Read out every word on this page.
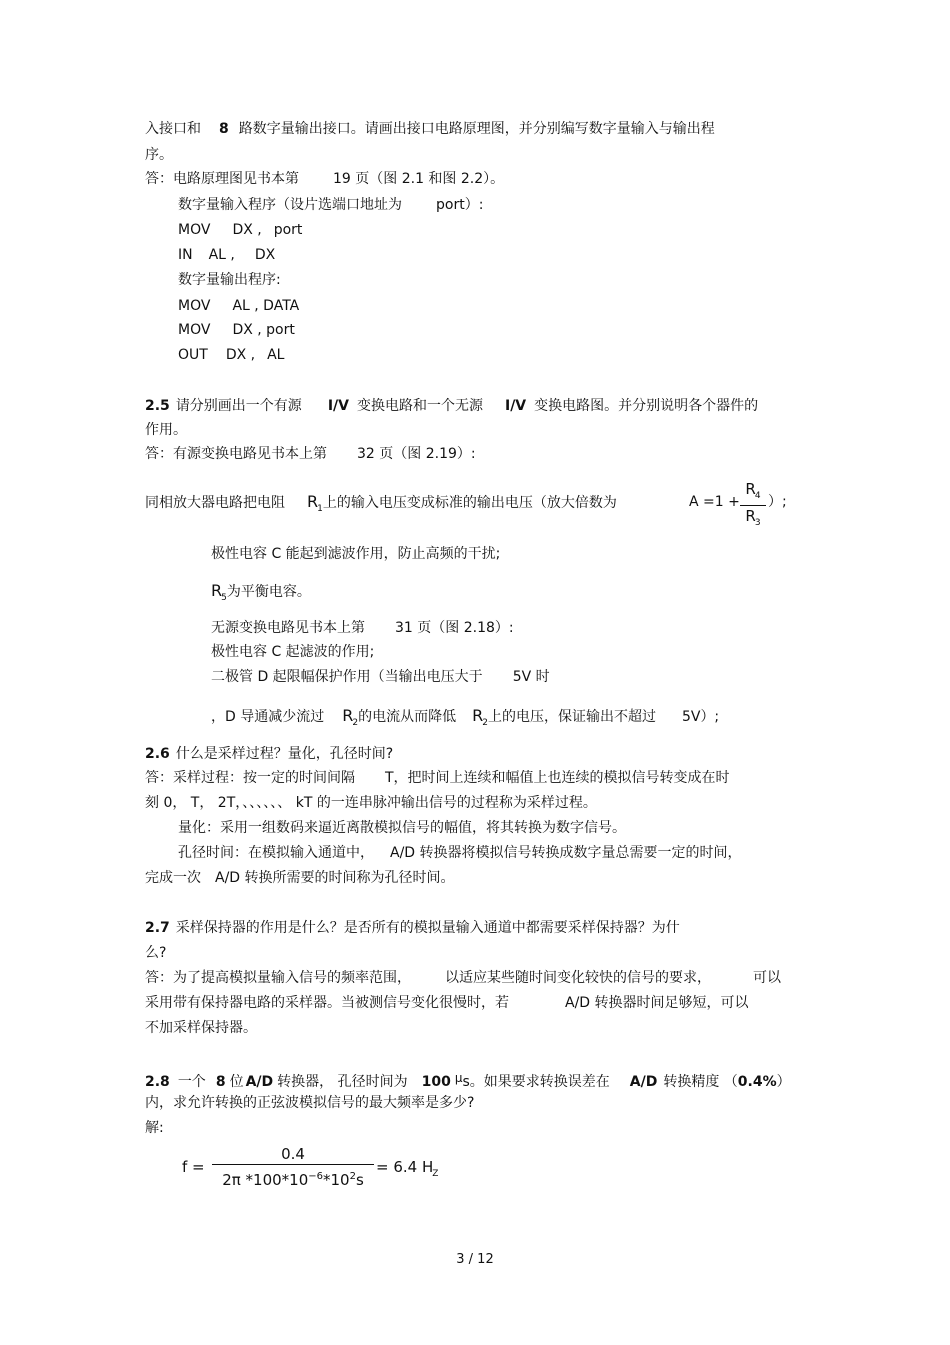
入接口和 8 路数字量输出接口。请画出接口电路原理图，并分别编写数字量输入与输出程
序。
答：电路原理图见书本第 19 页（图 2.1 和图 2.2）。
数字量输入程序（设片选端口地址为 port）:
MOV DX , port
IN AL , DX
数字量输出程序:
MOV AL , DATA
MOV DX , port
OUT DX , AL
2.5 请分别画出一个有源 I/V 变换电路和一个无源 I/V 变换电路图。并分别说明各个器件的
作用。
答：有源变换电路见书本上第 32 页（图 2.19）:
同相放大器电路把电阻 $R_1$上的输入电压变成标准的输出电压（放大倍数为	$A =1 + \frac{R_4}{R_3}$ ）;
极性电容 C 能起到滤波作用，防止高频的干扰;
$R_5$为平衡电容。
无源变换电路见书本上第 31 页（图 2.18）:
极性电容 C 起滤波的作用;
二极管 D 起限幅保护作用（当输出电压大于 5V 时
，D 导通减少流过 $R_2$的电流从而降低 $R_2$上的电压，保证输出不超过 5V）;
2.6 什么是采样过程？量化，孔径时间?
答：采样过程：按一定的时间间隔 T，把时间上连续和幅值上也连续的模拟信号转变成在时
刻 0， T， 2T，、、、、、、 kT 的一连串脉冲输出信号的过程称为采样过程。
量化：采用一组数码来逼近离散模拟信号的幅值，将其转换为数字信号。
孔径时间：在模拟输入通道中， A/D 转换器将模拟信号转换成数字量总需要一定的时间，
完成一次 A/D 转换所需要的时间称为孔径时间。
2.7 采样保持器的作用是什么？是否所有的模拟量输入通道中都需要采样保持器？为什
么?
答：为了提高模拟量输入信号的频率范围， 以适应某些随时间变化较快的信号的要求，	可以
采用带有保持器电路的采样器。当被测信号变化很慢时，若	A/D 转换器时间足够短，可以
不加采样保持器。
2.8 一个 8 位 A/D 转换器， 孔径时间为 100 μs。如果要求转换误差在 A/D 转换精度 （0.4%）
内，求允许转换的正弦波模拟信号的最大频率是多少?
解:
$f = \frac{0.4}{2\pi *100*10^{-6}*10^2s} = 6.4$ $H_Z$
3 / 12
